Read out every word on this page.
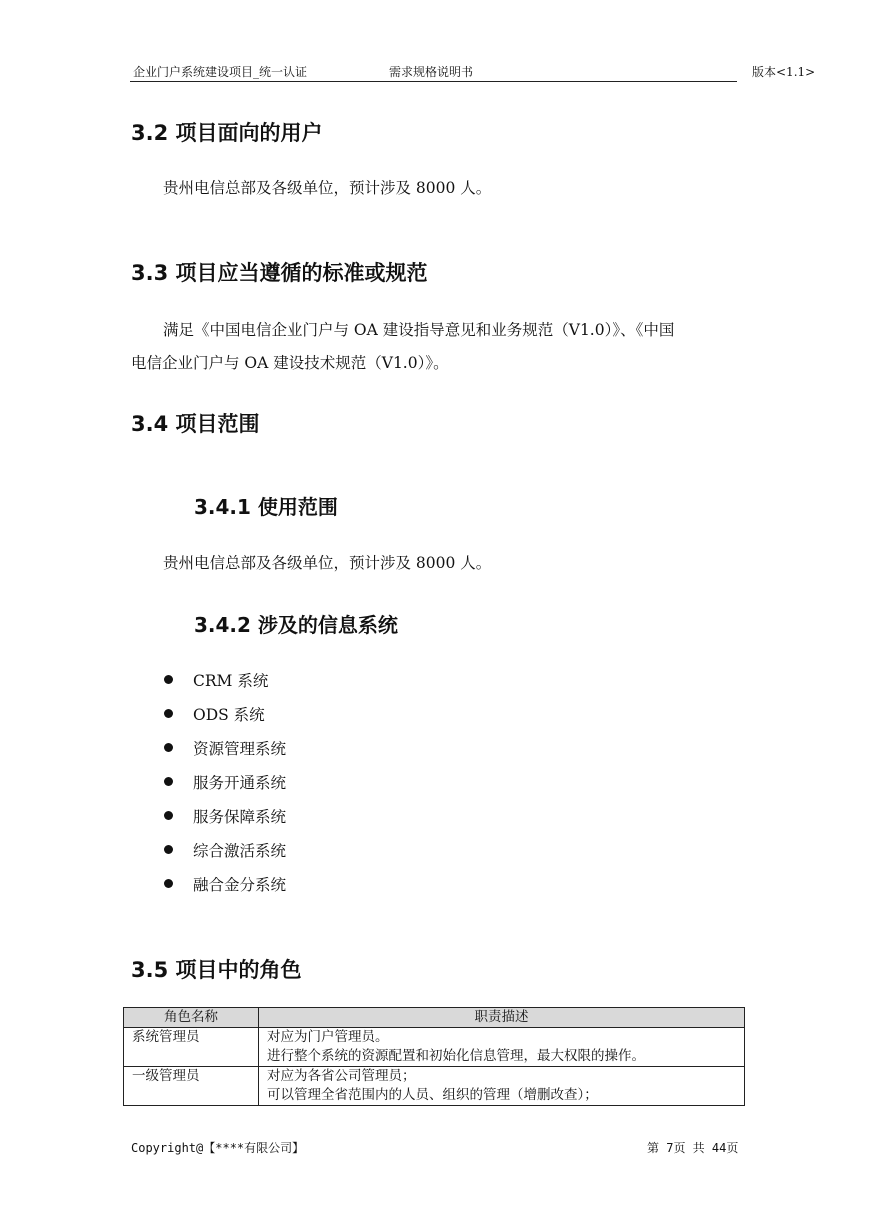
企业门户系统建设项目_统一认证	需求规格说明书	版本<1.1>
3.2 项目面向的用户
贵州电信总部及各级单位，预计涉及 8000 人。
3.3 项目应当遵循的标准或规范
满足《中国电信企业门户与 OA 建设指导意见和业务规范（V1.0）》、《中国
电信企业门户与 OA 建设技术规范（V1.0）》。
3.4 项目范围
3.4.1 使用范围
贵州电信总部及各级单位，预计涉及 8000 人。
3.4.2 涉及的信息系统
CRM 系统
ODS 系统
资源管理系统
服务开通系统
服务保障系统
综合激活系统
融合金分系统
3.5 项目中的角色
角色名称	职责描述
系统管理员	对应为门户管理员。
进行整个系统的资源配置和初始化信息管理，最大权限的操作。

一级管理员	对应为各省公司管理员；
可以管理全省范围内的人员、组织的管理（增删改查）；
Copyright@【****有限公司】	第 7页 共 44页
